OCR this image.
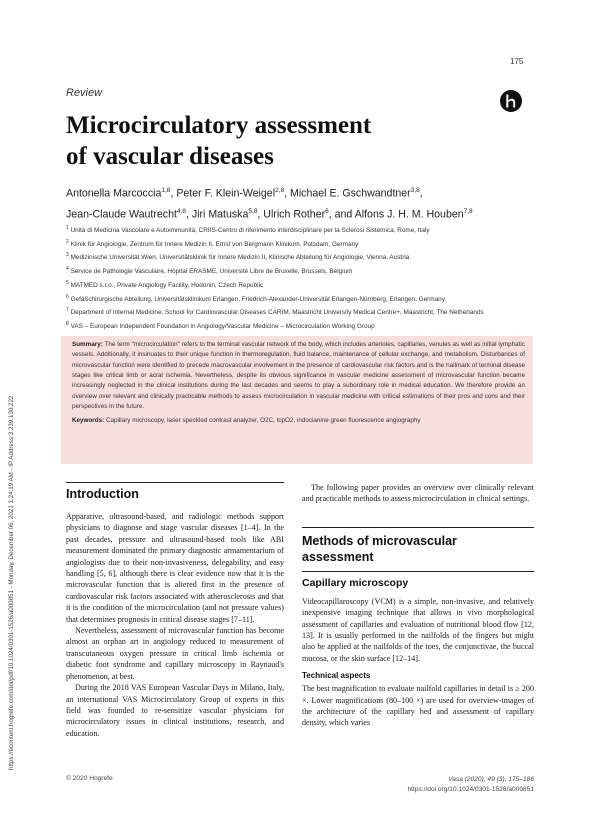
https://econtent.hogrefe.com/doi/pdf/10.1024/0301-1526/a000851 - Monday, December 06, 2021 1:24:19 AM - IP Address:3.239.130.222
175
Review
Microcirculatory assessment
of vascular diseases
Antonella Marcoccia$^{1,8}$, Peter F. Klein-Weigel$^{2,8}$, Michael E. Gschwandtner$^{3,8}$,
Jean-Claude Wautrecht$^{4,8}$, Jiri Matuska$^{5,8}$, Ulrich Rother$^6$, and Alfons J. H. M. Houben$^{7,8}$

$^1$ Unità di Medicina Vascolare e Autoimmunità, CRIIS-Centro di riferimento interdisciplinare per la Sclerosi Sistemica, Rome, Italy

$^2$ Klinik für Angiologie, Zentrum für Innere Medizin II, Ernst von Bergmann Klinikum, Potsdam, Germany

$^3$ Medizinische Universität Wien, Universitätsklinik für Innere Medizin II, Klinische Abteilung für Angiologie, Vienna, Austria

$^4$ Service de Pathologie Vasculaire, Hôpital ERASME, Université Libre de Bruxelle, Brussels, Belgium

$^5$ MATMED s.r.o., Private Angiology Facility, Hodonin, Czech Republic

$^6$ Gefäßchirurgische Abteilung, Universitätsklinikum Erlangen, Friedrich-Alexander-Universität Erlangen-Nürnberg, Erlangen, Germany

$^7$ Department of Internal Medicine, School for Cardiovascular Diseases CARIM, Maastricht University Medical Centre+, Maastricht, The Netherlands

$^8$ VAS – European Independent Foundation in Angiology/Vascular Medicine – Microcirculation Working Group

Summary: The term "microcirculation" refers to the terminal vascular network of the body, which includes arterioles, capillaries, venules as well as initial lymphatic vessels. Additionally, it insinuates to their unique function in thermoregulation, fluid balance, maintenance of cellular exchange, and metabolism. Disturbances of microvascular function were identified to precede macrovascular involvement in the presence of cardiovascular risk factors and is the hallmark of terminal disease stages like critical limb or acral ischemia. Nevertheless, despite its obvious significance in vascular medicine assessment of microvascular function became increasingly neglected in the clinical institutions during the last decades and seems to play a subordinary role in medical education. We therefore provide an overview over relevant and clinically practicable methods to assess microcirculation in vascular medicine with critical estimations of their pros and cons and their perspectives in the future.

Keywords: Capillary microscopy, laser speckled contrast analyzer, O2C, tcpO2, indocianine green fluorescence angiography

Introduction

Apparative, ultrasound-based, and radiologic methods support physicians to diagnose and stage vascular diseases [1–4]. In the past decades, pressure and ultrasound-based tools like ABI measurement dominated the primary diagnostic armamentarium of angiologists due to their non-invasiveness, delegability, and easy handling [5, 6], although there is clear evidence now that it is the microvascular function that is altered first in the presence of cardiovascular risk factors associated with atherosclerosis and that it is the condition of the microcirculation (and not pressure values) that determines prognosis in critical disease stages [7–11].

Nevertheless, assessment of microvascular function has become almost an orphan art in angiology reduced to measurement of transcutaneous oxygen pressure in critical limb ischemia or diabetic foot syndrome and capillary microscopy in Raynaud's phenomenon, at best.

During the 2018 VAS European Vascular Days in Milano, Italy, an international VAS Microcirculatory Group of experts in this field was founded to re-sensitize vascular physicians for microcirculatory issues in clinical institutions, research, and education.

The following paper provides an overview over clinically relevant and practicable methods to assess microcirculation in clinical settings.

Methods of microvascular
assessment
Capillary microscopy

Videocapillaroscopy (VCM) is a simple, non-invasive, and relatively inexpensive imaging technique that allows in vivo morphological assessment of capillaries and evaluation of nutritional blood flow [12, 13]. It is usually performed in the nailfolds of the fingers but might also be applied at the nailfolds of the toes, the conjunctivae, the buccal mucosa, or the skin surface [12–14].

Technical aspects

The best magnification to evaluate nailfold capillaries in detail is ≥ 200 ×. Lower magnifications (80–100 ×) are used for overview-images of the architecture of the capillary bed and assessment of capillary density, which varies

© 2020 Hogrefe	Vasa (2020), 49 (3), 175–186
https://doi.org/10.1024/0301-1526/a000851
